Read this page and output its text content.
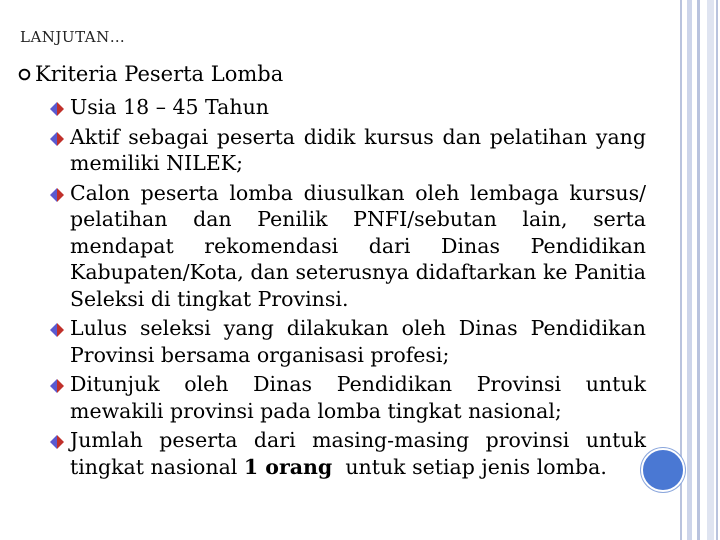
LANJUTAN…
Kriteria Peserta Lomba
Usia 18 – 45 Tahun
Aktif sebagai peserta didik kursus dan pelatihan yang memiliki NILEK;
Calon peserta lomba diusulkan oleh lembaga kursus/ pelatihan dan Penilik PNFI/sebutan lain, serta mendapat rekomendasi dari Dinas Pendidikan Kabupaten/Kota, dan seterusnya didaftarkan ke Panitia Seleksi di tingkat Provinsi.
Lulus seleksi yang dilakukan oleh Dinas Pendidikan Provinsi bersama organisasi profesi;
Ditunjuk oleh Dinas Pendidikan Provinsi untuk mewakili provinsi pada lomba tingkat nasional;
Jumlah peserta dari masing-masing provinsi untuk tingkat nasional 1 orang  untuk setiap jenis lomba.
